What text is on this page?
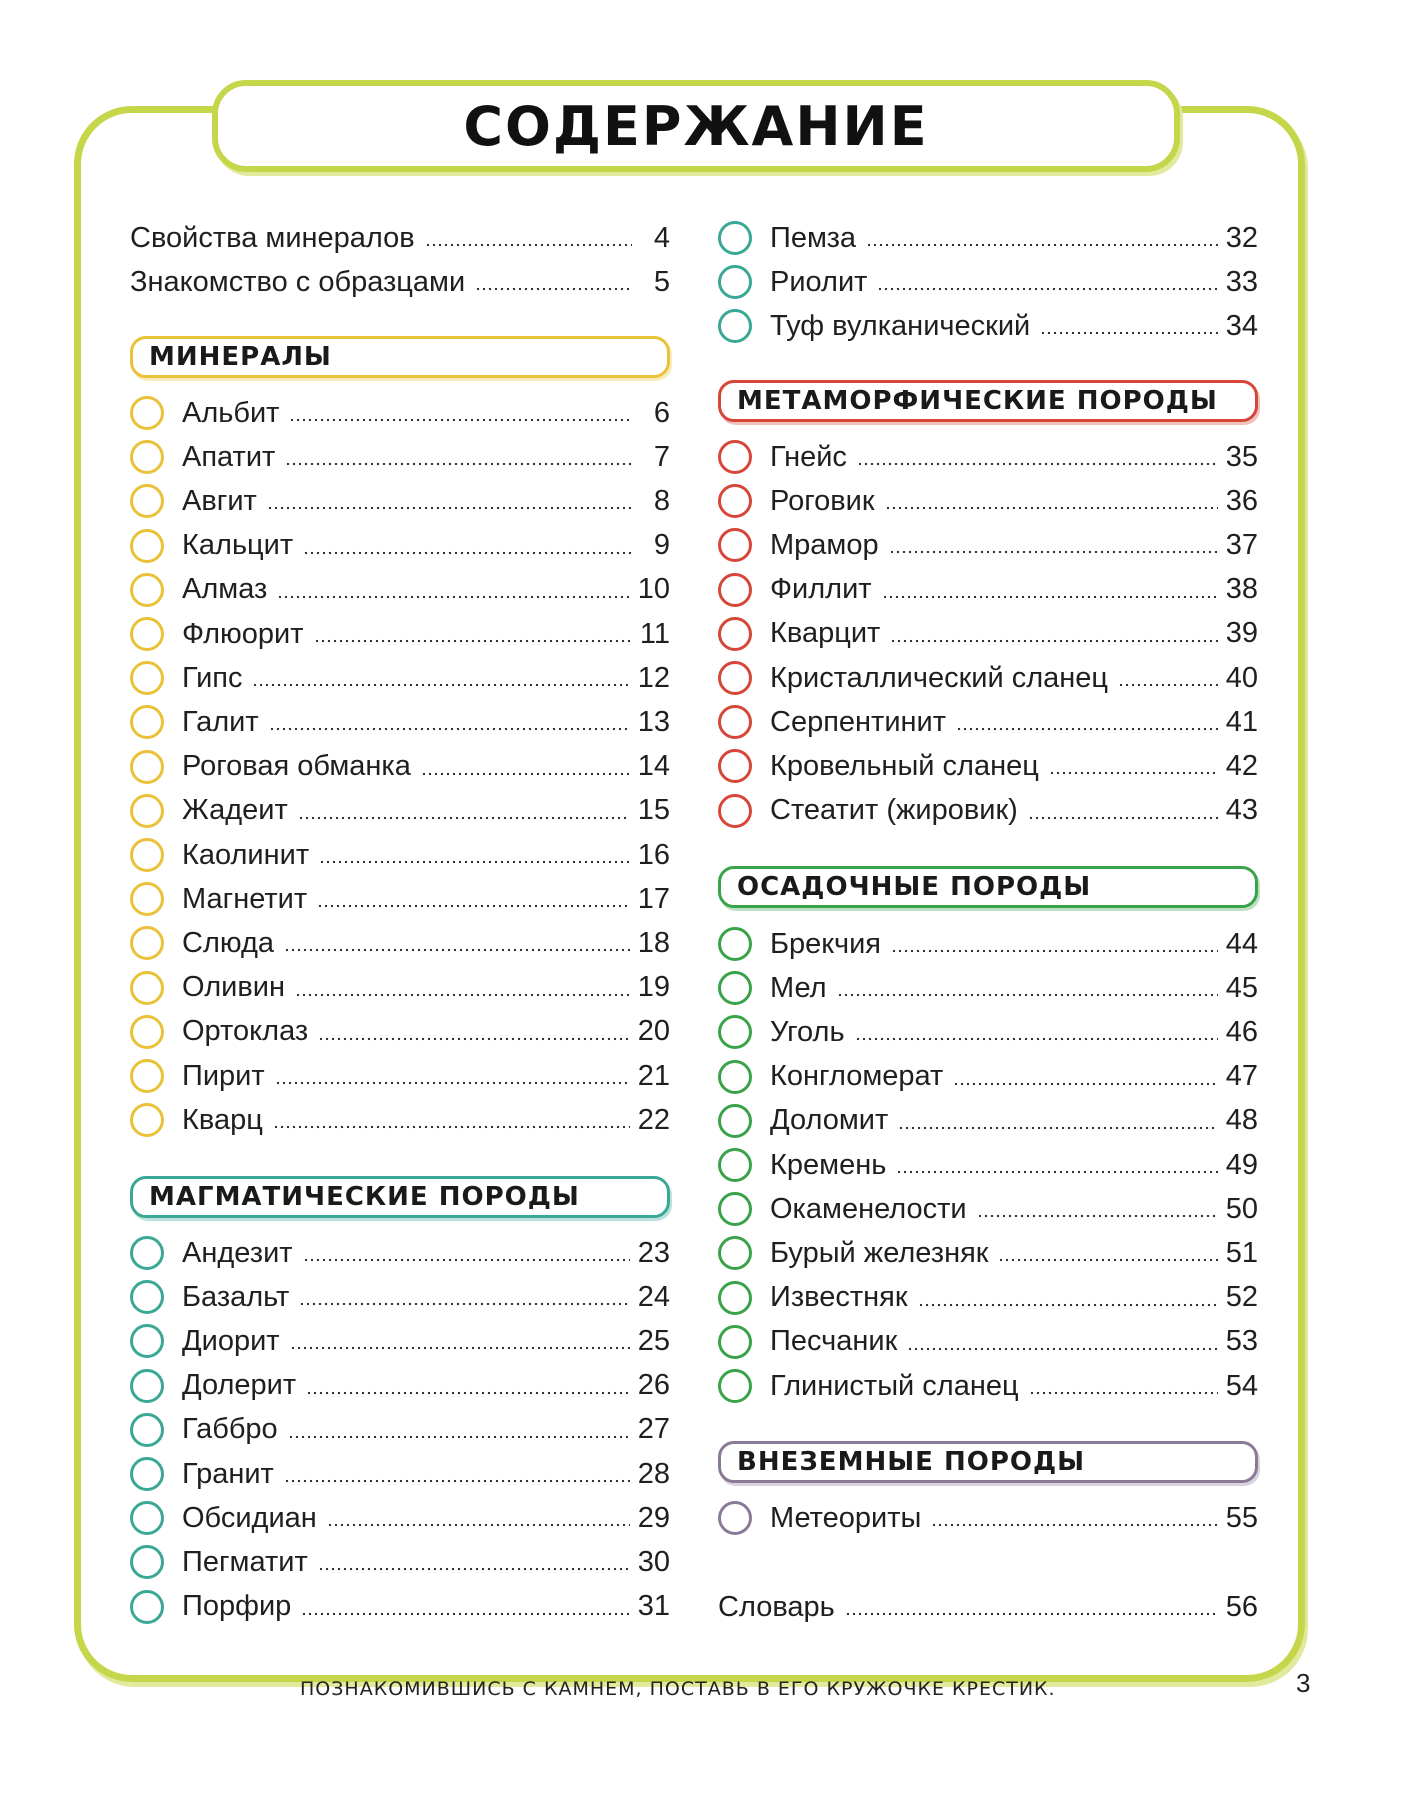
СОДЕРЖАНИЕ
Свойства минералов	4
Знакомство с образцами	5
МИНЕРАЛЫ
Альбит	6
Апатит	7
Авгит	8
Кальцит	9
Алмаз	10
Флюорит	11
Гипс	12
Галит	13
Роговая обманка	14
Жадеит	15
Каолинит	16
Магнетит	17
Слюда	18
Оливин	19
Ортоклаз	20
Пирит	21
Кварц	22
МАГМАТИЧЕСКИЕ ПОРОДЫ
Андезит	23
Базальт	24
Диорит	25
Долерит	26
Габбро	27
Гранит	28
Обсидиан	29
Пегматит	30
Порфир	31
Пемза	32
Риолит	33
Туф вулканический	34
МЕТАМОРФИЧЕСКИЕ ПОРОДЫ
Гнейс	35
Роговик	36
Мрамор	37
Филлит	38
Кварцит	39
Кристаллический сланец	40
Серпентинит	41
Кровельный сланец	42
Стеатит (жировик)	43
ОСАДОЧНЫЕ ПОРОДЫ
Брекчия	44
Мел	45
Уголь	46
Конгломерат	47
Доломит	48
Кремень	49
Окаменелости	50
Бурый железняк	51
Известняк	52
Песчаник	53
Глинистый сланец	54
ВНЕЗЕМНЫЕ ПОРОДЫ
Метеориты	55
Словарь	56
ПОЗНАКОМИВШИСЬ С КАМНЕМ, ПОСТАВЬ В ЕГО КРУЖОЧКЕ КРЕСТИК.	3
